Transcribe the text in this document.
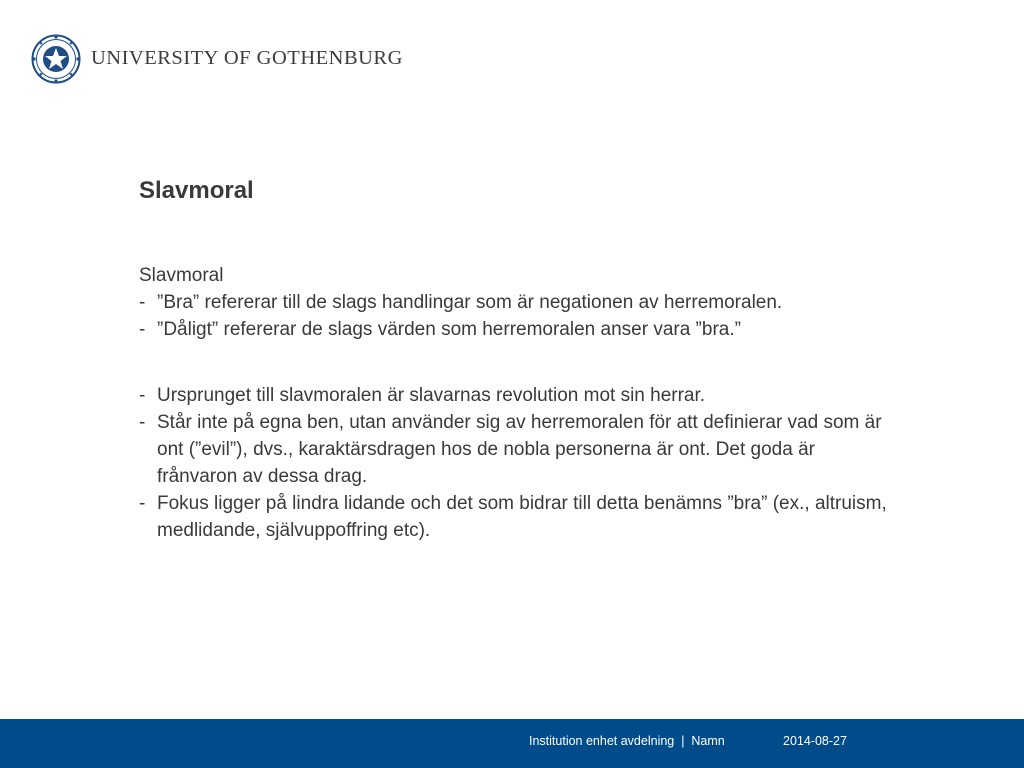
UNIVERSITY OF GOTHENBURG
Slavmoral

Slavmoral

- ”Bra” refererar till de slags handlingar som är negationen av herremoralen.
- ”Dåligt” refererar de slags värden som herremoralen anser vara ”bra.”
- Ursprunget till slavmoralen är slavarnas revolution mot sin herrar.
- Står inte på egna ben, utan använder sig av herremoralen för att definierar vad som är ont (”evil”), dvs., karaktärsdragen hos de nobla personerna är ont. Det goda är frånvaron av dessa drag.
- Fokus ligger på lindra lidande och det som bidrar till detta benämns ”bra” (ex., altruism, medlidande, självuppoffring etc).
Institution enhet avdelning  |  Namn	2014-08-27
